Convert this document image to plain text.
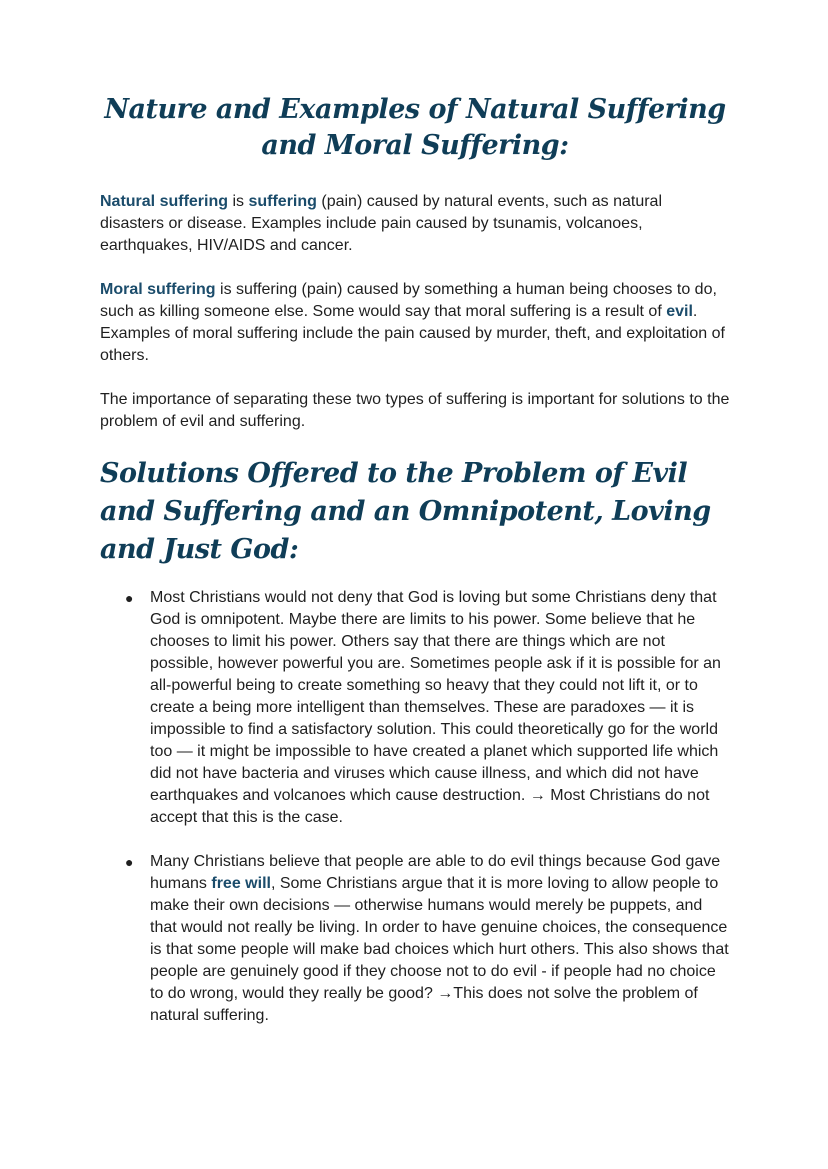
Nature and Examples of Natural Suffering and Moral Suffering:

Natural suffering is suffering (pain) caused by natural events, such as natural disasters or disease. Examples include pain caused by tsunamis, volcanoes, earthquakes, HIV/AIDS and cancer.

Moral suffering is suffering (pain) caused by something a human being chooses to do, such as killing someone else. Some would say that moral suffering is a result of evil. Examples of moral suffering include the pain caused by murder, theft, and exploitation of others.

The importance of separating these two types of suffering is important for solutions to the problem of evil and suffering.

Solutions Offered to the Problem of Evil and Suffering and an Omnipotent, Loving and Just God:
● Most Christians would not deny that God is loving but some Christians deny that God is omnipotent. Maybe there are limits to his power. Some believe that he chooses to limit his power. Others say that there are things which are not possible, however powerful you are. Sometimes people ask if it is possible for an all-powerful being to create something so heavy that they could not lift it, or to create a being more intelligent than themselves. These are paradoxes — it is impossible to find a satisfactory solution. This could theoretically go for the world too — it might be impossible to have created a planet which supported life which did not have bacteria and viruses which cause illness, and which did not have earthquakes and volcanoes which cause destruction. → Most Christians do not accept that this is the case.
● Many Christians believe that people are able to do evil things because God gave humans free will, Some Christians argue that it is more loving to allow people to make their own decisions — otherwise humans would merely be puppets, and that would not really be living. In order to have genuine choices, the consequence is that some people will make bad choices which hurt others. This also shows that people are genuinely good if they choose not to do evil - if people had no choice to do wrong, would they really be good? →This does not solve the problem of natural suffering.
